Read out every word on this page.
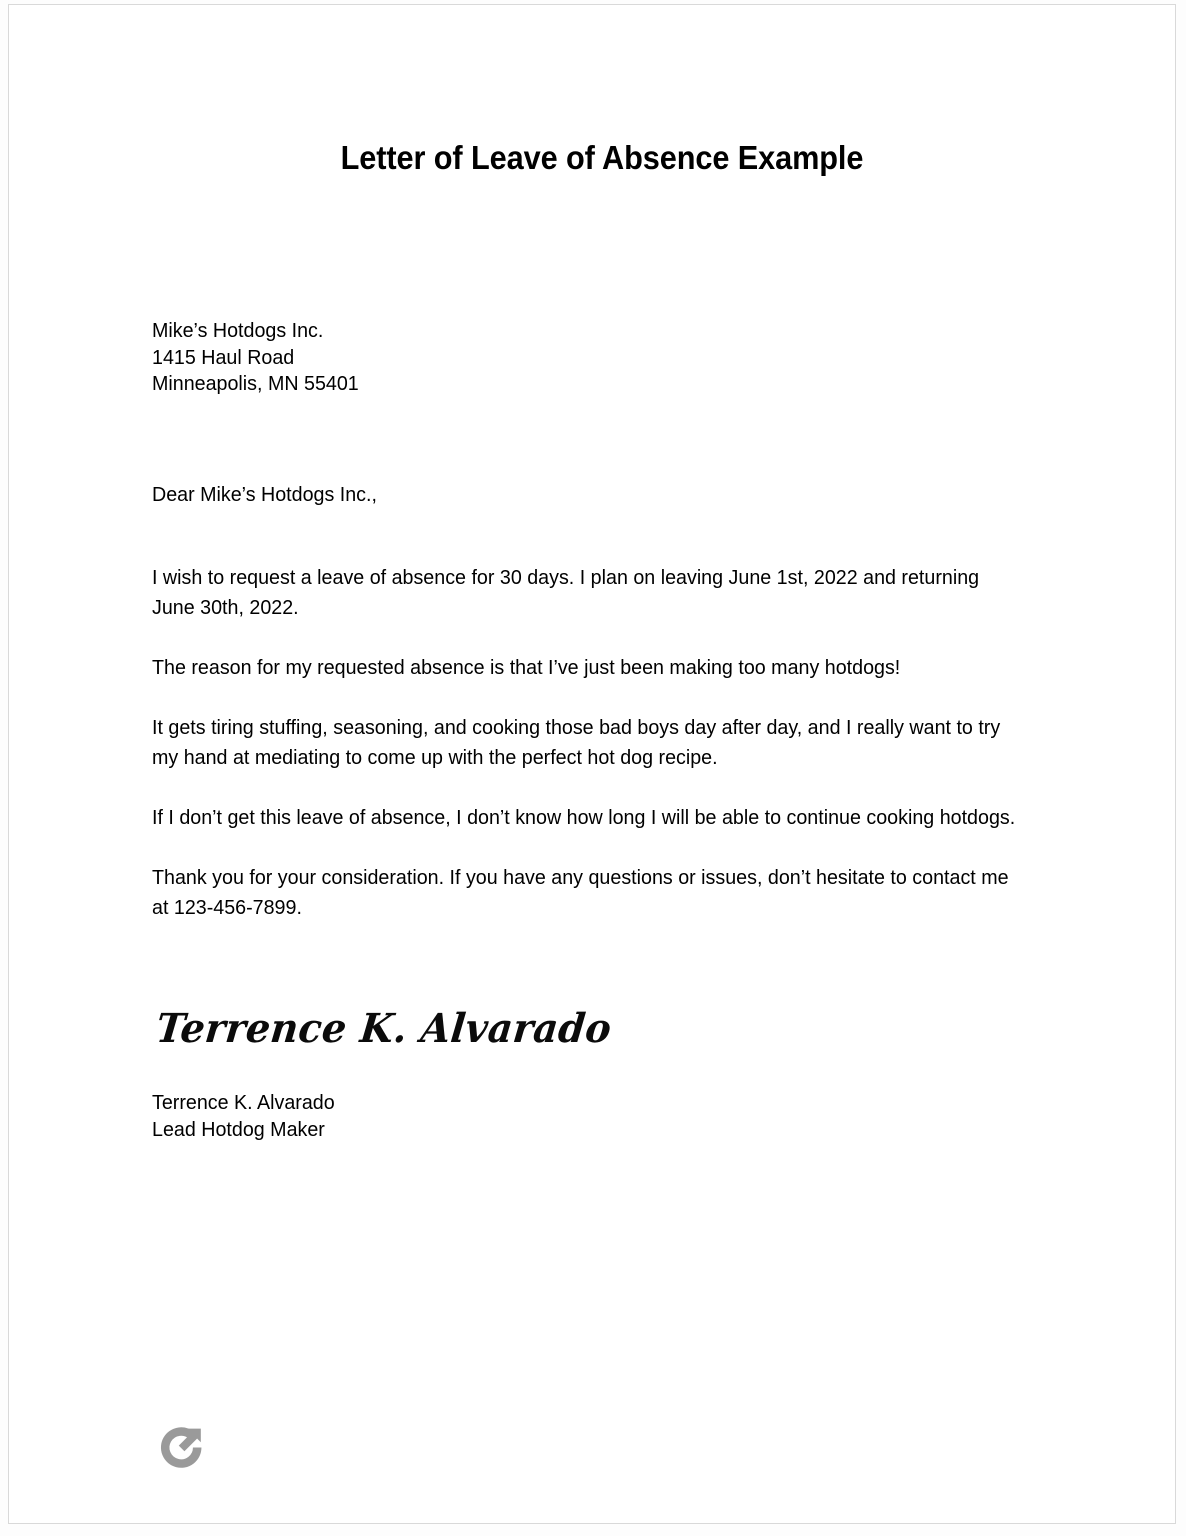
Letter of Leave of Absence Example
Mike’s Hotdogs Inc.
1415 Haul Road
Minneapolis, MN 55401
Dear Mike’s Hotdogs Inc.,

I wish to request a leave of absence for 30 days. I plan on leaving June 1st, 2022 and returning June 30th, 2022.

The reason for my requested absence is that I’ve just been making too many hotdogs!

It gets tiring stuffing, seasoning, and cooking those bad boys day after day, and I really want to try my hand at mediating to come up with the perfect hot dog recipe.

If I don’t get this leave of absence, I don’t know how long I will be able to continue cooking hotdogs.

Thank you for your consideration. If you have any questions or issues, don’t hesitate to contact me at 123-456-7899.

Terrence K. Alvarado
Terrence K. Alvarado
Lead Hotdog Maker
